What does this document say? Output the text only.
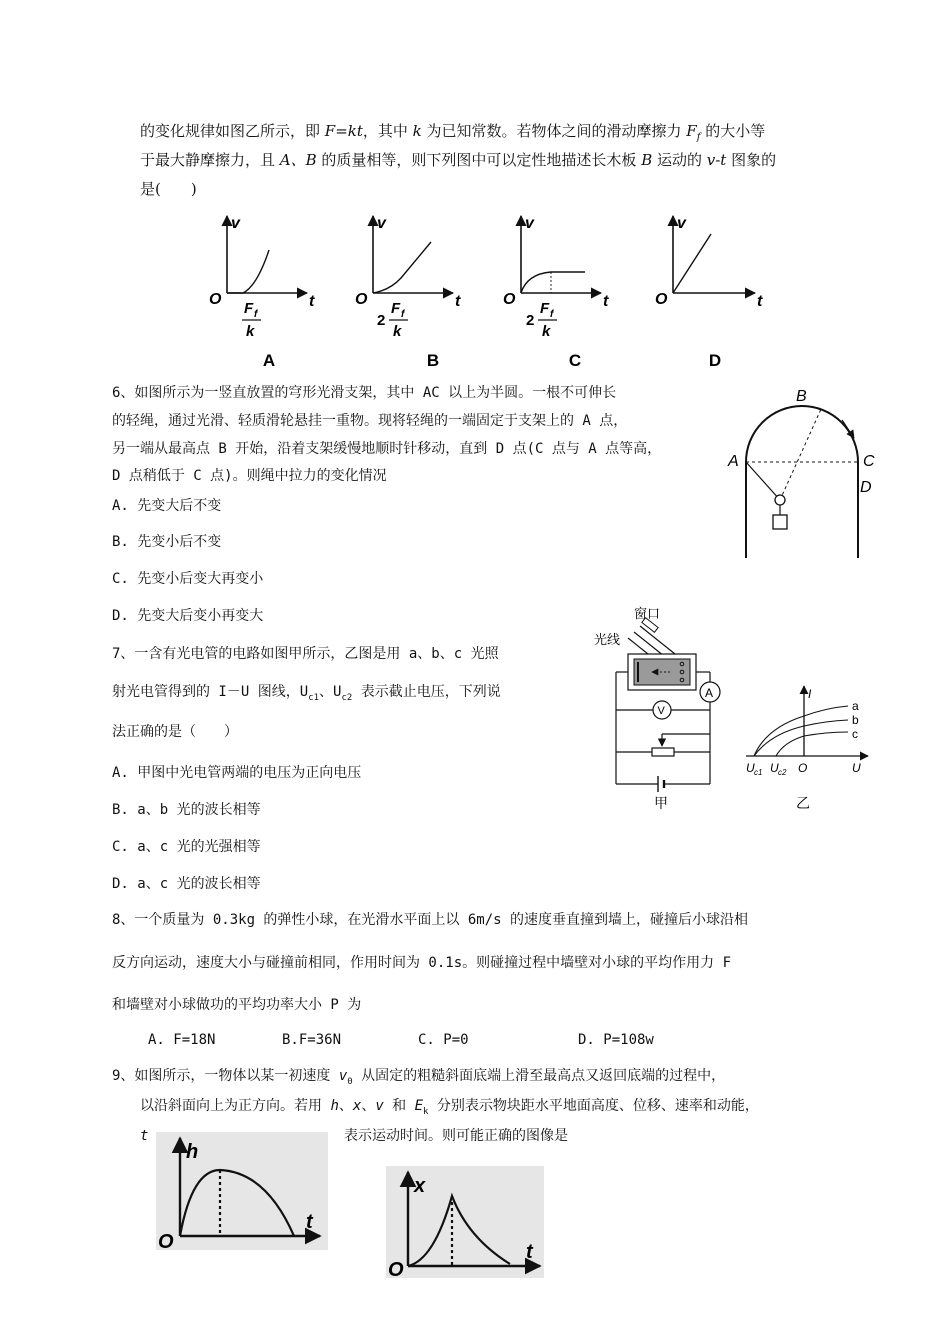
的变化规律如图乙所示，即 F=kt，其中 k 为已知常数。若物体之间的滑动摩擦力 $F_f$ 的大小等
于最大静摩擦力，且 A、B 的质量相等，则下列图中可以定性地描述长木板 B 运动的 v-t 图象的
是(　　)
v
t
O
F f
k
A
v
t
O
2
F f
k
B
v
t
O
2
F f
k
C
v
t
O
D
6、如图所示为一竖直放置的穹形光滑支架，其中 AC 以上为半圆。一根不可伸长
的轻绳，通过光滑、轻质滑轮悬挂一重物。现将轻绳的一端固定于支架上的 A 点，
另一端从最高点 B 开始，沿着支架缓慢地顺时针移动，直到 D 点(C 点与 A 点等高，
D 点稍低于 C 点)。则绳中拉力的变化情况
A. 先变大后不变
B. 先变小后不变
C. 先变小后变大再变小
D. 先变大后变小再变大
B
A	C
D
7、一含有光电管的电路如图甲所示，乙图是用 a、b、c 光照
射光电管得到的 I－U 图线，$U_{c1}$、$U_{c2}$ 表示截止电压，下列说
法正确的是（　　）
A. 甲图中光电管两端的电压为正向电压
B. a、b 光的波长相等
C. a、c 光的光强相等
D. a、c 光的波长相等
窗口
光线
A
V
甲
I
U
O
U c1 U c2
a
b
c
乙
8、一个质量为 0.3kg 的弹性小球，在光滑水平面上以 6m/s 的速度垂直撞到墙上，碰撞后小球沿相
反方向运动，速度大小与碰撞前相同，作用时间为 0.1s。则碰撞过程中墙壁对小球的平均作用力 F
和墙壁对小球做功的平均功率大小 P 为
A. F=18N	B.F=36N	C. P=0	D. P=108w
9、如图所示，一物体以某一初速度 $v_0$ 从固定的粗糙斜面底端上滑至最高点又返回底端的过程中，
以沿斜面向上为正方向。若用 h、x、v 和 $E_k$ 分别表示物块距水平地面高度、位移、速率和动能，
t	表示运动时间。则可能正确的图像是
h
t
O
x
t
O
